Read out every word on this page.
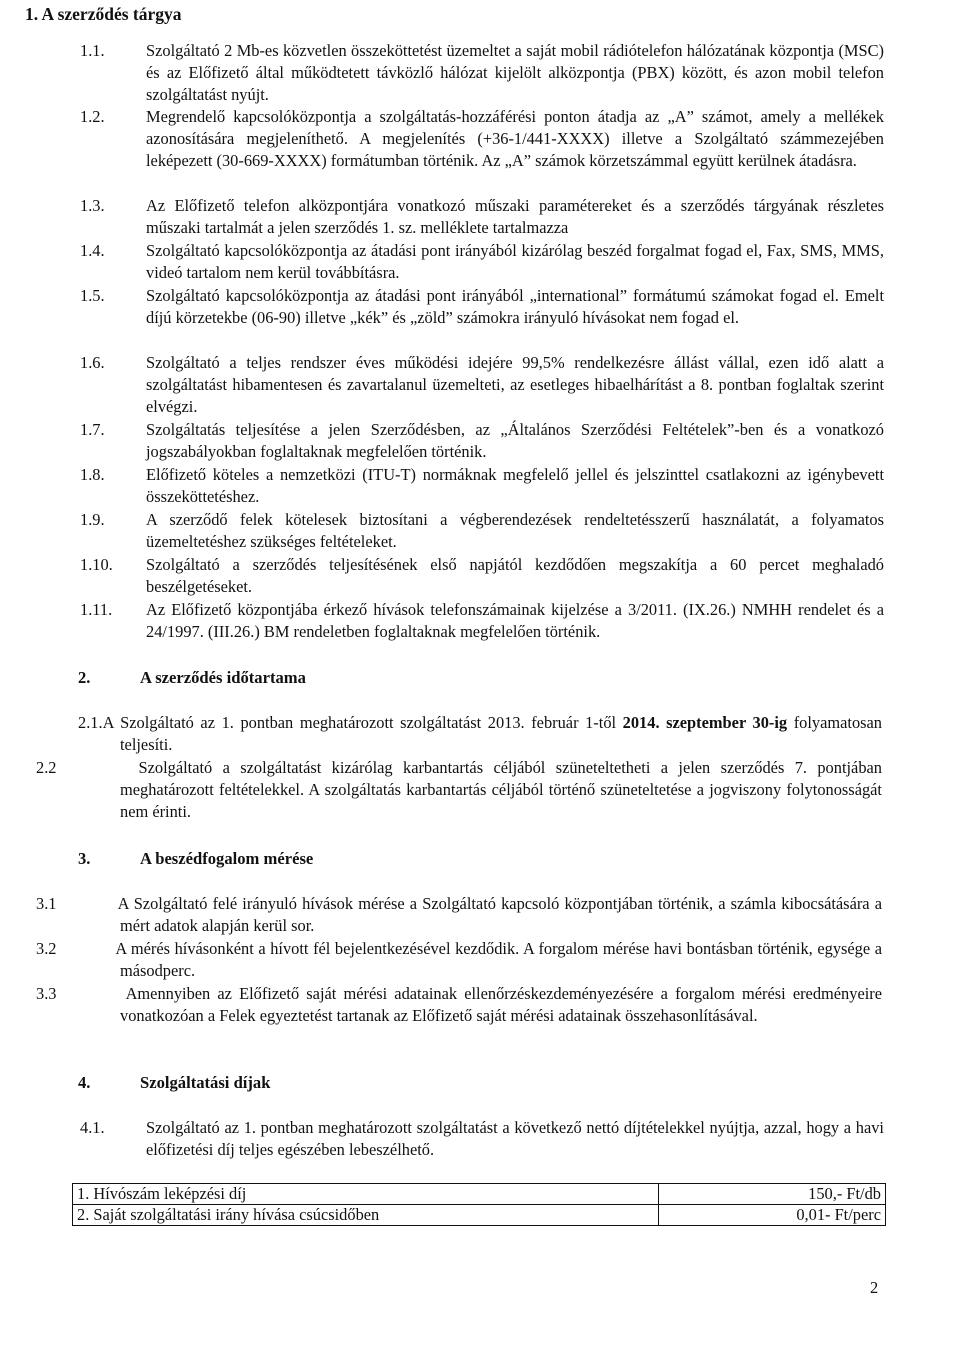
1. A szerződés tárgya
1.1.	Szolgáltató 2 Mb-es közvetlen összeköttetést üzemeltet a saját mobil rádiótelefon hálózatának központja (MSC) és az Előfizető által működtetett távközlő hálózat kijelölt alközpontja (PBX) között, és azon mobil telefon szolgáltatást nyújt.
1.2.	Megrendelő kapcsolóközpontja a szolgáltatás-hozzáférési ponton átadja az „A” számot, amely a mellékek azonosítására megjeleníthető. A megjelenítés (+36-1/441-XXXX) illetve a Szolgáltató számmezejében leképezett (30-669-XXXX) formátumban történik. Az „A” számok körzetszámmal együtt kerülnek átadásra.
1.3.	Az Előfizető telefon alközpontjára vonatkozó műszaki paramétereket és a szerződés tárgyának részletes műszaki tartalmát a jelen szerződés 1. sz. melléklete tartalmazza
1.4.	Szolgáltató kapcsolóközpontja az átadási pont irányából kizárólag beszéd forgalmat fogad el, Fax, SMS, MMS, videó tartalom nem kerül továbbításra.
1.5.	Szolgáltató kapcsolóközpontja az átadási pont irányából „international” formátumú számokat fogad el. Emelt díjú körzetekbe (06-90) illetve „kék” és „zöld” számokra irányuló hívásokat nem fogad el.
1.6.	Szolgáltató a teljes rendszer éves működési idejére 99,5% rendelkezésre állást vállal, ezen idő alatt a szolgáltatást hibamentesen és zavartalanul üzemelteti, az esetleges hibaelhárítást a 8. pontban foglaltak szerint elvégzi.
1.7.	Szolgáltatás teljesítése a jelen Szerződésben, az „Általános Szerződési Feltételek”-ben és a vonatkozó jogszabályokban foglaltaknak megfelelően történik.
1.8.	Előfizető köteles a nemzetközi (ITU-T) normáknak megfelelő jellel és jelszinttel csatlakozni az igénybevett összeköttetéshez.
1.9.	A szerződő felek kötelesek biztosítani a végberendezések rendeltetésszerű használatát, a folyamatos üzemeltetéshez szükséges feltételeket.
1.10. Szolgáltató a szerződés teljesítésének első napjától kezdődően megszakítja a 60 percet meghaladó beszélgetéseket.
1.11. Az Előfizető központjába érkező hívások telefonszámainak kijelzése a 3/2011. (IX.26.) NMHH rendelet és a 24/1997. (III.26.) BM rendeletben foglaltaknak megfelelően történik.
2.	A szerződés időtartama
2.1.A Szolgáltató az 1. pontban meghatározott szolgáltatást 2013. február 1-től 2014. szeptember 30-ig folyamatosan teljesíti.
2.2	Szolgáltató a szolgáltatást kizárólag karbantartás céljából szüneteltetheti a jelen szerződés 7. pontjában meghatározott feltételekkel. A szolgáltatás karbantartás céljából történő szüneteltetése a jogviszony folytonosságát nem érinti.
3.	A beszédfogalom mérése
3.1	A Szolgáltató felé irányuló hívások mérése a Szolgáltató kapcsoló központjában történik, a számla kibocsátására a mért adatok alapján kerül sor.
3.2	A mérés hívásonként a hívott fél bejelentkezésével kezdődik. A forgalom mérése havi bontásban történik, egysége a másodperc.
3.3	Amennyiben az Előfizető saját mérési adatainak ellenőrzéskezdeményezésére a forgalom mérési eredményeire vonatkozóan a Felek egyeztetést tartanak az Előfizető saját mérési adatainak összehasonlításával.
4.	Szolgáltatási díjak
4.1.	Szolgáltató az 1. pontban meghatározott szolgáltatást a következő nettó díjtételekkel nyújtja, azzal, hogy a havi előfizetési díj teljes egészében lebeszélhető.
1. Hívószám leképzési díj	150,- Ft/db
2. Saját szolgáltatási irány hívása csúcsidőben	0,01- Ft/perc
2
